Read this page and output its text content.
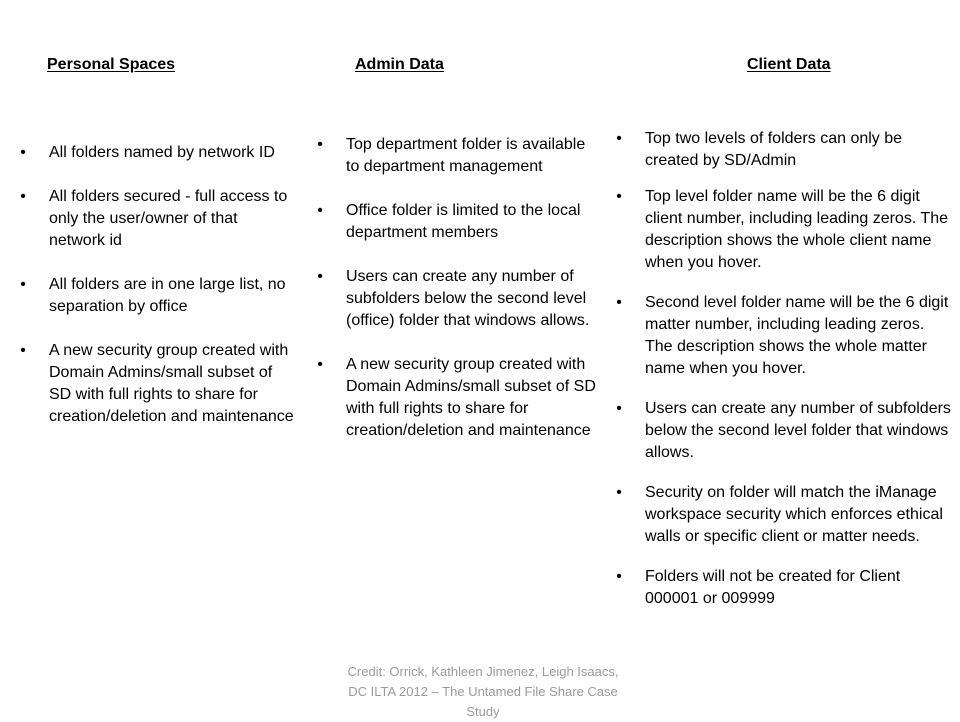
Personal Spaces	Admin Data	Client Data
• All folders named by network ID
• All folders secured - full access to only the user/owner of that network id
• All folders are in one large list, no separation by office
• A new security group created with Domain Admins/small subset of SD with full rights to share for creation/deletion and maintenance
• Top department folder is available to department management
• Office folder is limited to the local department members
• Users can create any number of subfolders below the second level (office) folder that windows allows.
• A new security group created with Domain Admins/small subset of SD with full rights to share for creation/deletion and maintenance
• Top two levels of folders can only be created by SD/Admin
• Top level folder name will be the 6 digit client number, including leading zeros. The description shows the whole client name when you hover.
• Second level folder name will be the 6 digit matter number, including leading zeros. The description shows the whole matter name when you hover.
• Users can create any number of subfolders below the second level folder that windows allows.
• Security on folder will match the iManage workspace security which enforces ethical walls or specific client or matter needs.
• Folders will not be created for Client 000001 or 009999
Credit: Orrick, Kathleen Jimenez, Leigh Isaacs, DC ILTA 2012 – The Untamed File Share Case Study
